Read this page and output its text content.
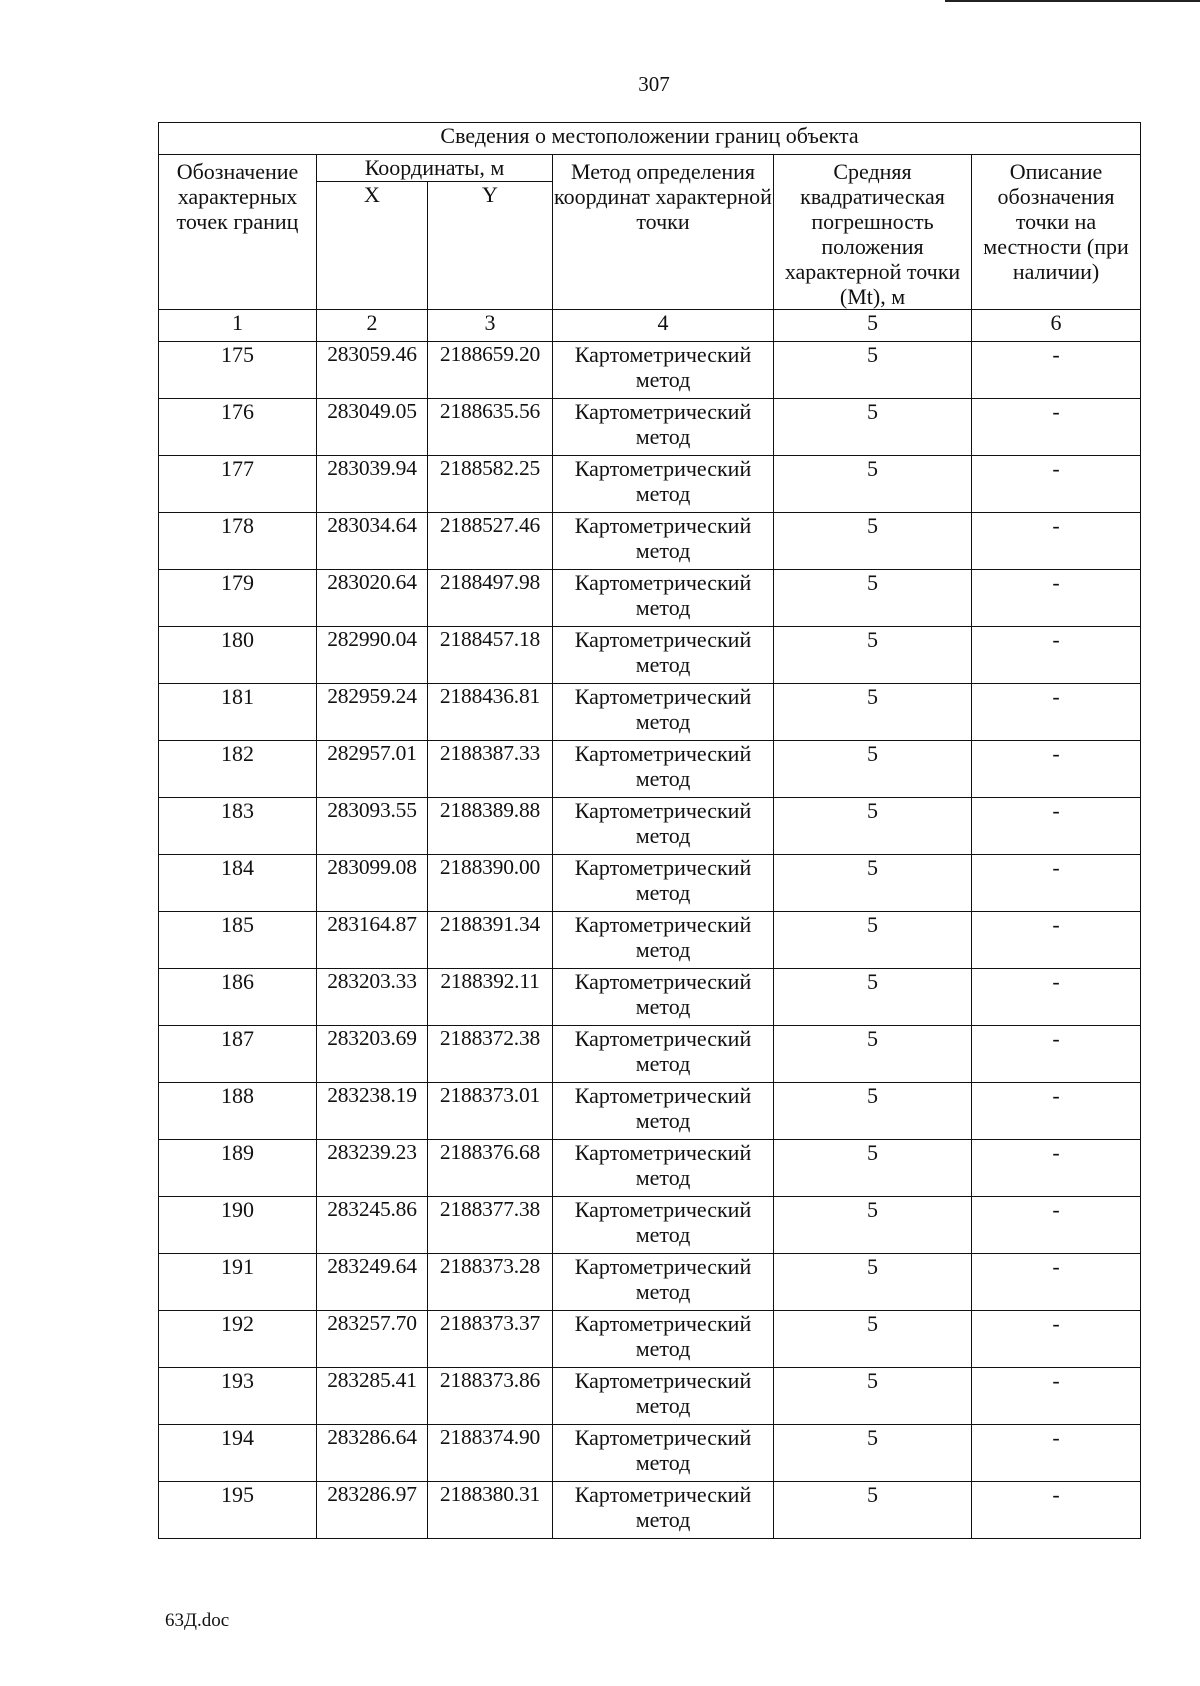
307
Сведения о местоположении границ объекта					
Обозначение характерных точек границ	Координаты, м		Метод определения координат характерной точки	Средняя квадратическая погрешность положения характерной точки (Mt), м	Описание обозначения точки на местности (при наличии)
	X	Y			
1	2	3	4	5	6
175	283059.46	2188659.20	Картометрический метод	5	-
176	283049.05	2188635.56	Картометрический метод	5	-
177	283039.94	2188582.25	Картометрический метод	5	-
178	283034.64	2188527.46	Картометрический метод	5	-
179	283020.64	2188497.98	Картометрический метод	5	-
180	282990.04	2188457.18	Картометрический метод	5	-
181	282959.24	2188436.81	Картометрический метод	5	-
182	282957.01	2188387.33	Картометрический метод	5	-
183	283093.55	2188389.88	Картометрический метод	5	-
184	283099.08	2188390.00	Картометрический метод	5	-
185	283164.87	2188391.34	Картометрический метод	5	-
186	283203.33	2188392.11	Картометрический метод	5	-
187	283203.69	2188372.38	Картометрический метод	5	-
188	283238.19	2188373.01	Картометрический метод	5	-
189	283239.23	2188376.68	Картометрический метод	5	-
190	283245.86	2188377.38	Картометрический метод	5	-
191	283249.64	2188373.28	Картометрический метод	5	-
192	283257.70	2188373.37	Картометрический метод	5	-
193	283285.41	2188373.86	Картометрический метод	5	-
194	283286.64	2188374.90	Картометрический метод	5	-
195	283286.97	2188380.31	Картометрический метод	5	-
63Д.doc
